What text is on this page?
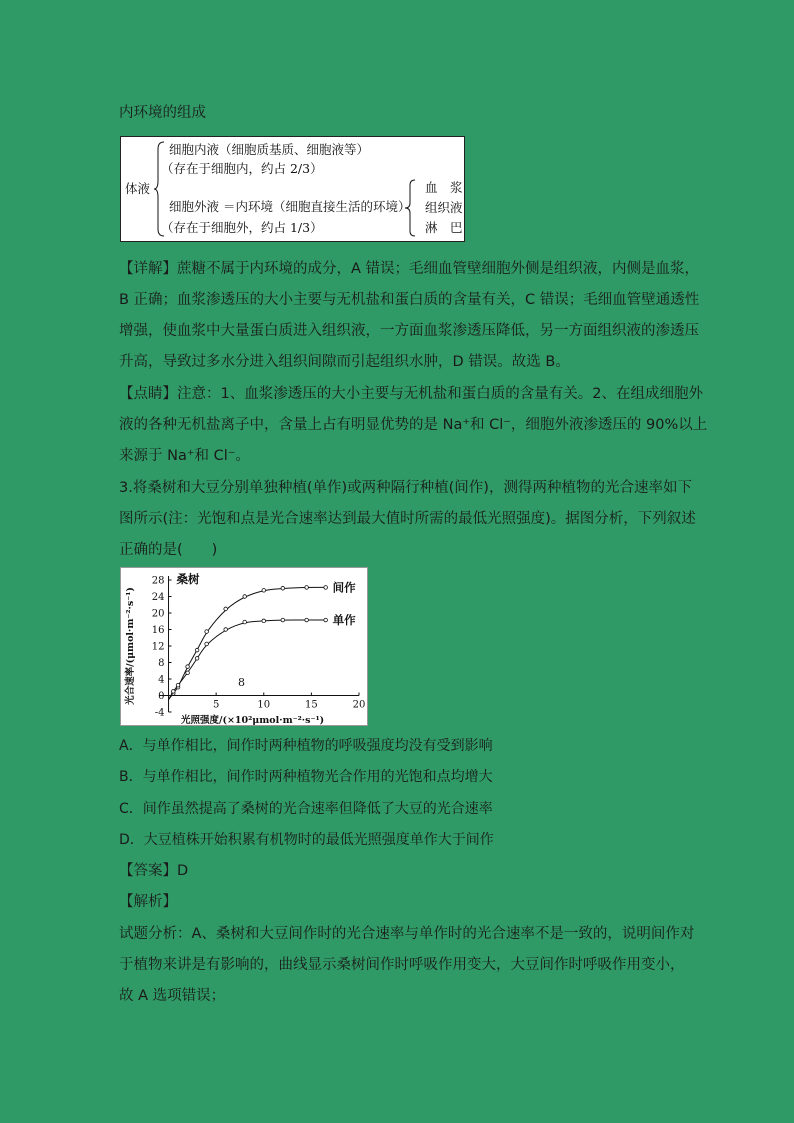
内环境的组成
体液
细胞内液（细胞质基质、细胞液等）
（存在于细胞内，约占 2/3）
细胞外液 ＝内环境（细胞直接生活的环境）
（存在于细胞外，约占 1/3）
血　浆
组织液
淋　巴
【详解】蔗糖不属于内环境的成分，A 错误；毛细血管壁细胞外侧是组织液，内侧是血浆，
B 正确；血浆渗透压的大小主要与无机盐和蛋白质的含量有关，C 错误；毛细血管壁通透性
增强，使血浆中大量蛋白质进入组织液，一方面血浆渗透压降低，另一方面组织液的渗透压
升高，导致过多水分进入组织间隙而引起组织水肿，D 错误。故选 B。
【点睛】注意：1、血浆渗透压的大小主要与无机盐和蛋白质的含量有关。2、在组成细胞外
液的各种无机盐离子中，含量上占有明显优势的是 Na⁺和 Cl⁻，细胞外液渗透压的 90%以上
来源于 Na⁺和 Cl⁻。
3.将桑树和大豆分别单独种植(单作)或两种隔行种植(间作)，测得两种植物的光合速率如下
图所示(注：光饱和点是光合速率达到最大值时所需的最低光照强度)。据图分析，下列叙述
正确的是(　　)
-4
0
4
8
12
16
20
24
28
5	10	15	20
间作
单作
桑树
8
光照强度/(×10²μmol·m⁻²·s⁻¹)
光合速率/(μmol·m⁻²·s⁻¹)
A．与单作相比，间作时两种植物的呼吸强度均没有受到影响
B．与单作相比，间作时两种植物光合作用的光饱和点均增大
C．间作虽然提高了桑树的光合速率但降低了大豆的光合速率
D．大豆植株开始积累有机物时的最低光照强度单作大于间作
【答案】D
【解析】
试题分析：A、桑树和大豆间作时的光合速率与单作时的光合速率不是一致的，说明间作对
于植物来讲是有影响的，曲线显示桑树间作时呼吸作用变大，大豆间作时呼吸作用变小，
故 A 选项错误；
